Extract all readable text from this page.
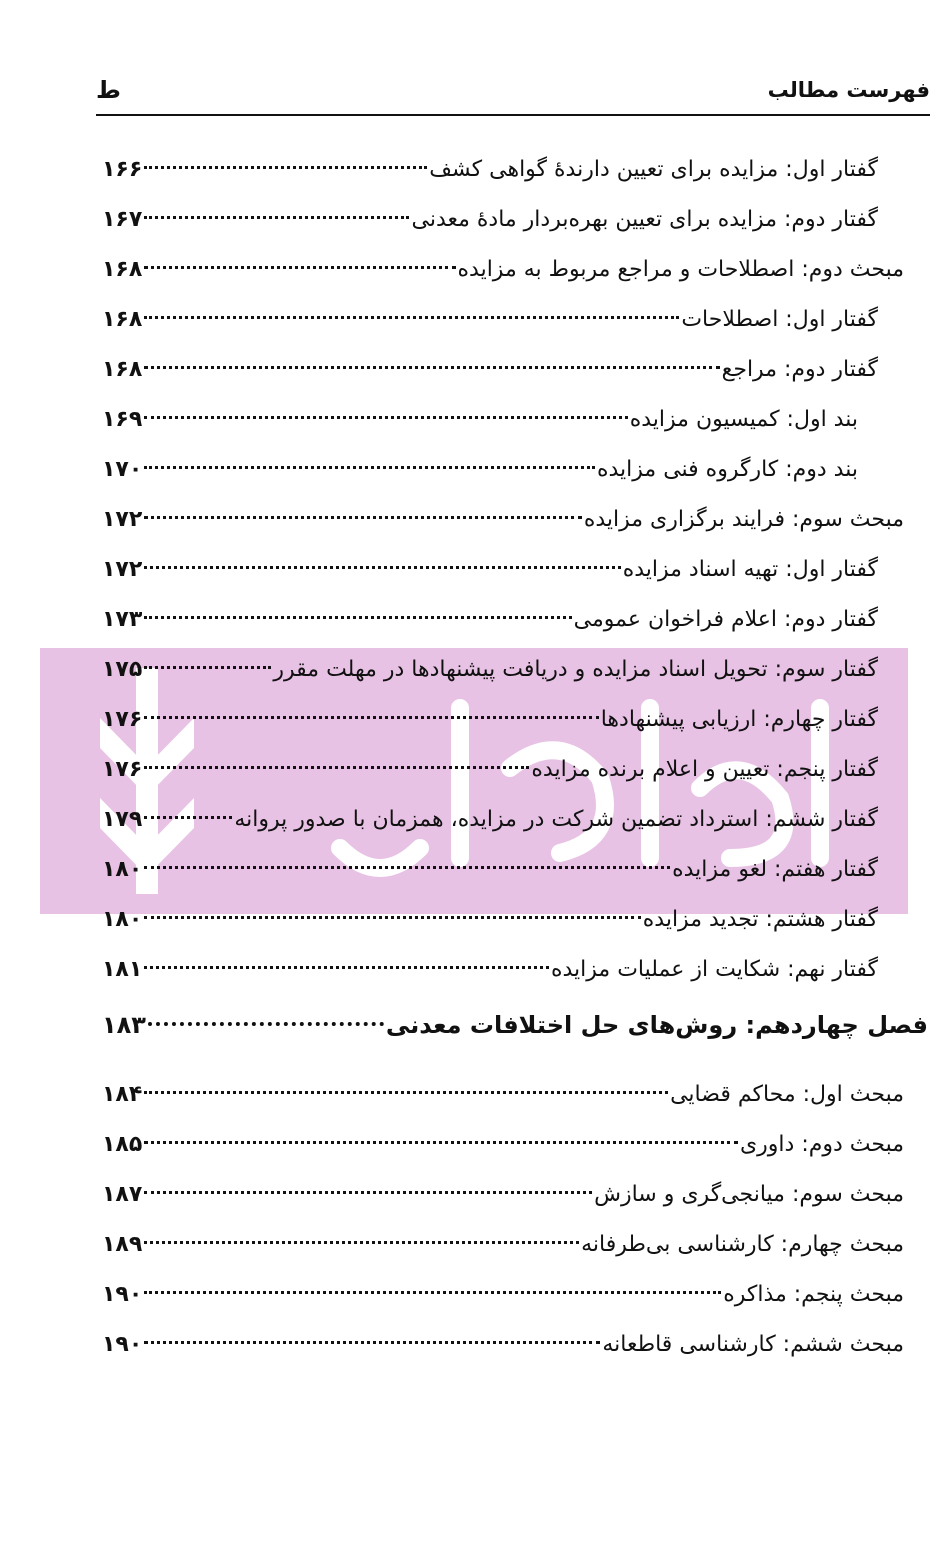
فهرست مطالب
ط
گفتار اول: مزایده برای تعیین دارندهٔ گواهی کشف
۱۶۶
گفتار دوم: مزایده برای تعیین بهره‌بردار مادهٔ معدنی
۱۶۷
مبحث دوم: اصطلاحات و مراجع مربوط به مزایده
۱۶۸
گفتار اول: اصطلاحات
۱۶۸
گفتار دوم: مراجع
۱۶۸
بند اول: کمیسیون مزایده
۱۶۹
بند دوم: کارگروه فنی مزایده
۱۷۰
مبحث سوم: فرایند برگزاری مزایده
۱۷۲
گفتار اول: تهیه اسناد مزایده
۱۷۲
گفتار دوم: اعلام فراخوان عمومی
۱۷۳
گفتار سوم: تحویل اسناد مزایده و دریافت پیشنهادها در مهلت مقرر
۱۷۵
گفتار چهارم: ارزیابی پیشنهادها
۱۷۶
گفتار پنجم: تعیین و اعلام برنده مزایده
۱۷۶
گفتار ششم: استرداد تضمین شرکت در مزایده، همزمان با صدور پروانه
۱۷۹
گفتار هفتم: لغو مزایده
۱۸۰
گفتار هشتم: تجدید مزایده
۱۸۰
گفتار نهم: شکایت از عملیات مزایده
۱۸۱
فصل چهاردهم: روش‌های حل اختلافات معدنی
۱۸۳
مبحث اول: محاکم قضایی
۱۸۴
مبحث دوم: داوری
۱۸۵
مبحث سوم: میانجی‌گری و سازش
۱۸۷
مبحث چهارم: کارشناسی بی‌طرفانه
۱۸۹
مبحث پنجم: مذاکره
۱۹۰
مبحث ششم: کارشناسی قاطعانه
۱۹۰
